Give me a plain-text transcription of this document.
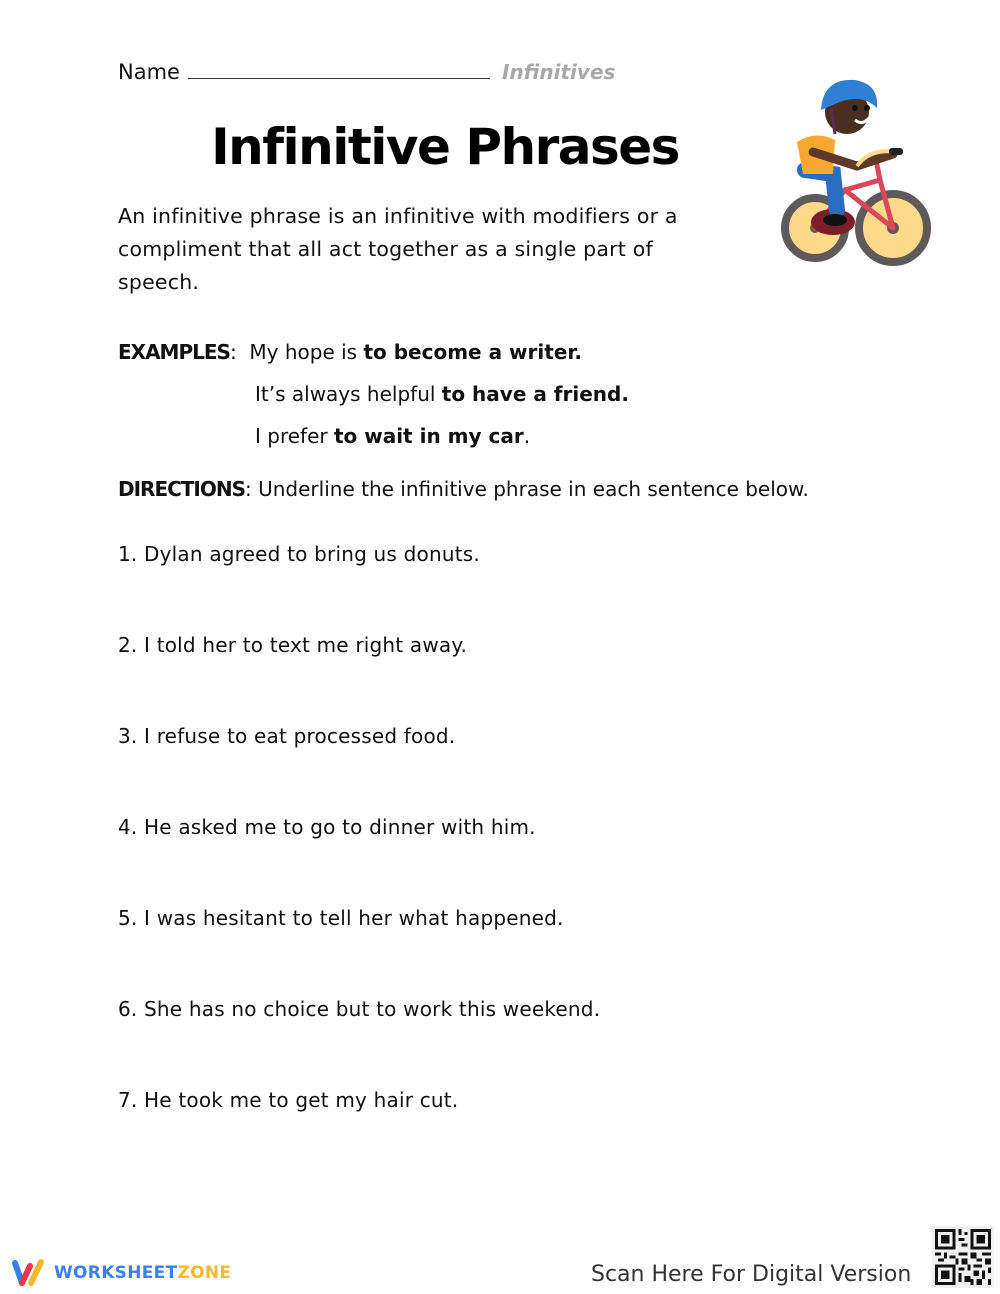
Name	Infinitives
Infinitive Phrases
An infinitive phrase is an infinitive with modifiers or a compliment that all act together as a single part of speech.
EXAMPLES: My hope is to become a writer.
It’s always helpful to have a friend.
I prefer to wait in my car.
DIRECTIONS: Underline the infinitive phrase in each sentence below.
1. Dylan agreed to bring us donuts.
2. I told her to text me right away.
3. I refuse to eat processed food.
4. He asked me to go to dinner with him.
5. I was hesitant to tell her what happened.
6. She has no choice but to work this weekend.
7. He took me to get my hair cut.
WORKSHEETZONE	Scan Here For Digital Version
